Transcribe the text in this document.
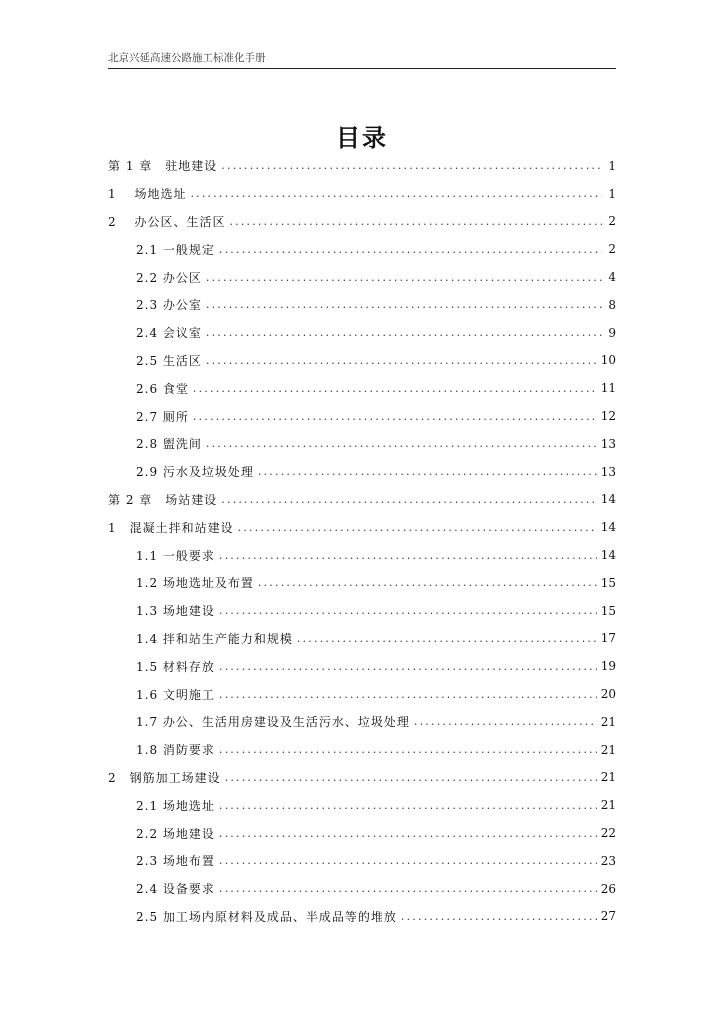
北京兴延高速公路施工标准化手册
目录
第 1 章　驻地建设 .....	1
1　 场地选址 .....	1
2　 办公区、生活区 .....	2
2.1 一般规定 .....	2
2.2 办公区 .....	4
2.3 办公室 .....	8
2.4 会议室 .....	9
2.5 生活区 .....	10
2.6 食堂 .....	11
2.7 厕所 .....	12
2.8 盥洗间 .....	13
2.9 污水及垃圾处理 .....	13
第 2 章　场站建设 .....	14
1　混凝土拌和站建设 .....	14
1.1 一般要求 .....	14
1.2 场地选址及布置 .....	15
1.3 场地建设 .....	15
1.4 拌和站生产能力和规模 .....	17
1.5 材料存放 .....	19
1.6 文明施工 .....	20
1.7 办公、生活用房建设及生活污水、垃圾处理 .....	21
1.8 消防要求 .....	21
2　钢筋加工场建设 .....	21
2.1 场地选址 .....	21
2.2 场地建设 .....	22
2.3 场地布置 .....	23
2.4 设备要求 .....	26
2.5 加工场内原材料及成品、半成品等的堆放 .....	27
